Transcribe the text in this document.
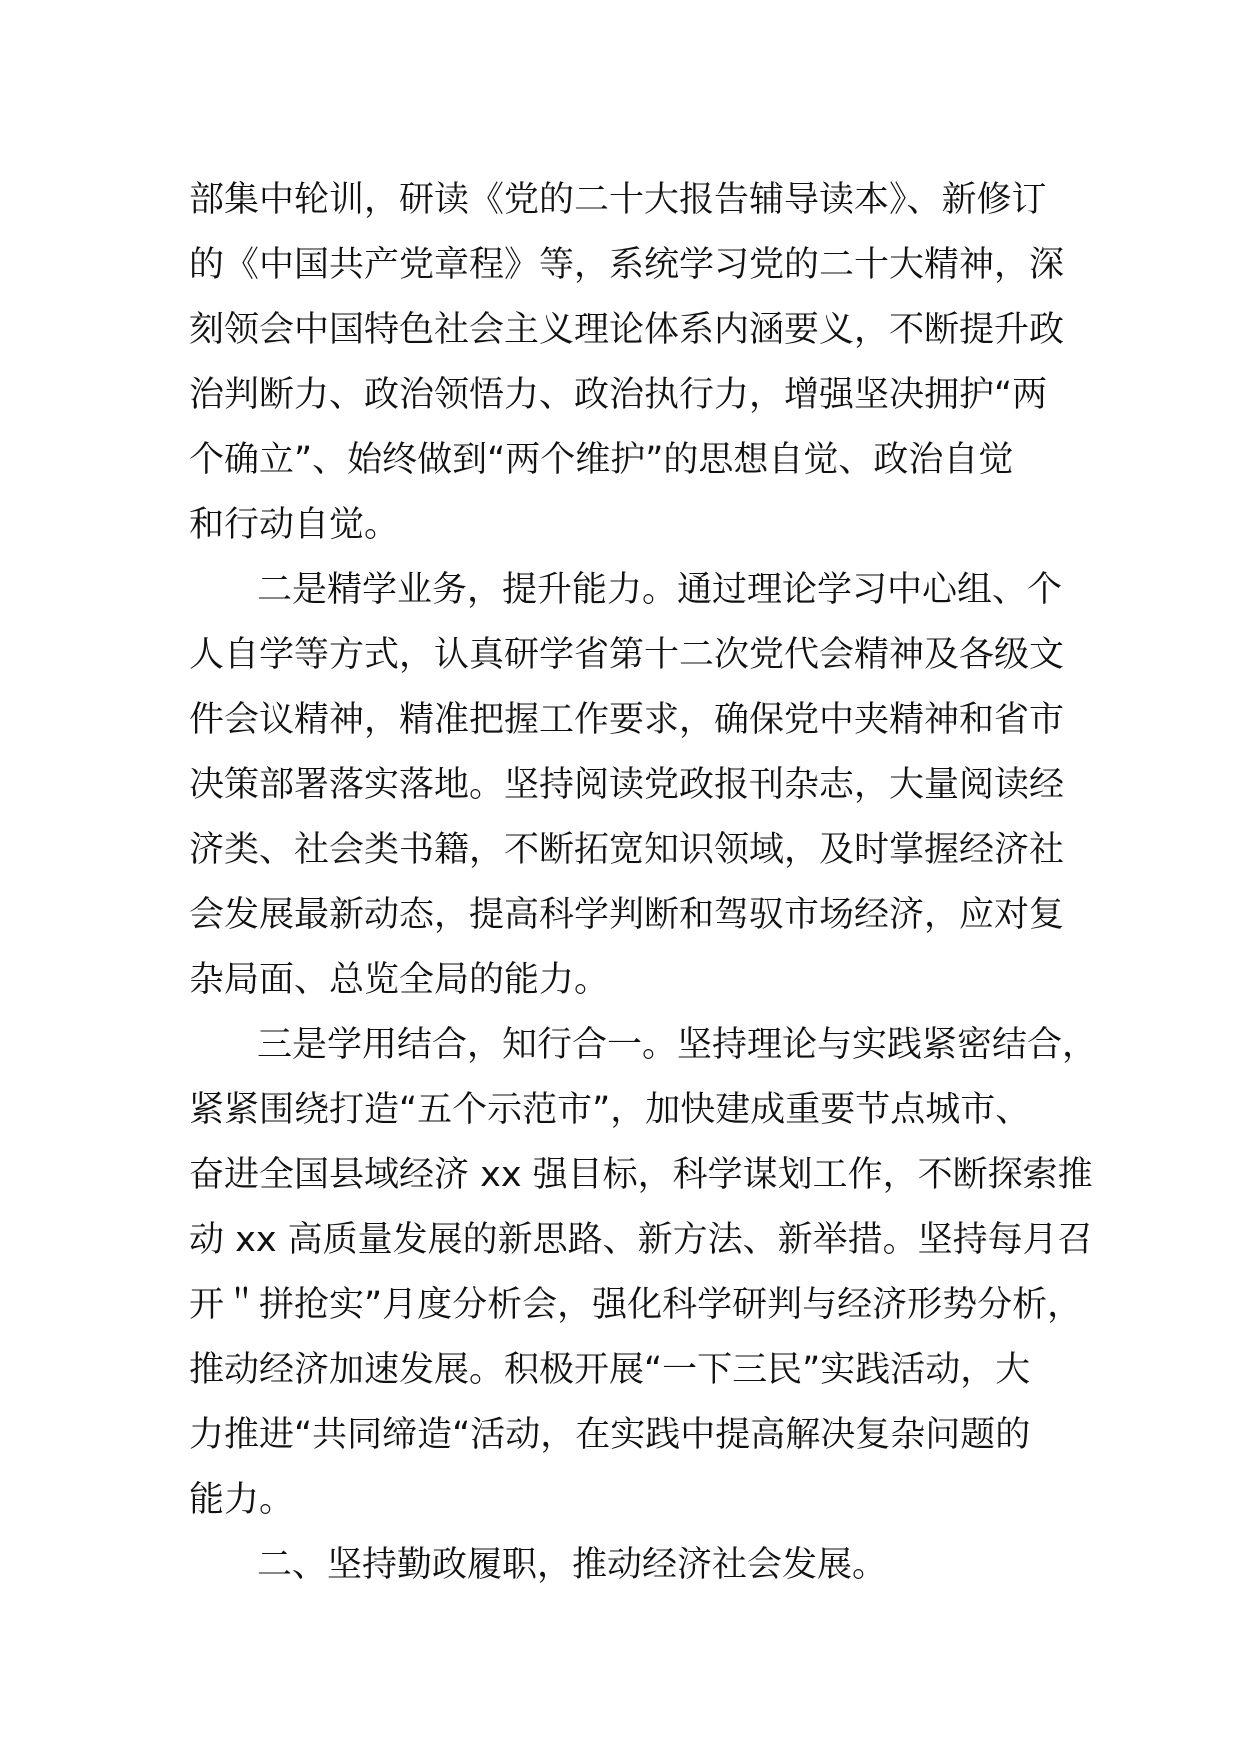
部集中轮训，研读《党的二十大报告辅导读本》、新修订
的《中国共产党章程》等，系统学习党的二十大精神，深
刻领会中国特色社会主义理论体系内涵要义，不断提升政
治判断力、政治领悟力、政治执行力，增强坚决拥护“两
个确立”、始终做到“两个维护”的思想自觉、政治自觉
和行动自觉。
二是精学业务，提升能力。通过理论学习中心组、个
人自学等方式，认真研学省第十二次党代会精神及各级文
件会议精神，精准把握工作要求，确保党中夹精神和省市
决策部署落实落地。坚持阅读党政报刊杂志，大量阅读经
济类、社会类书籍，不断拓宽知识领域，及时掌握经济社
会发展最新动态，提高科学判断和驾驭市场经济，应对复
杂局面、总览全局的能力。
三是学用结合，知行合一。坚持理论与实践紧密结合，
紧紧围绕打造“五个示范市”，加快建成重要节点城市、
奋进全国县域经济 xx 强目标，科学谋划工作，不断探索推
动 xx 高质量发展的新思路、新方法、新举措。坚持每月召
开＂拼抢实”月度分析会，强化科学研判与经济形势分析，
推动经济加速发展。积极开展“一下三民”实践活动，大
力推进“共同缔造“活动，在实践中提高解决复杂问题的
能力。
二、坚持勤政履职，推动经济社会发展。
